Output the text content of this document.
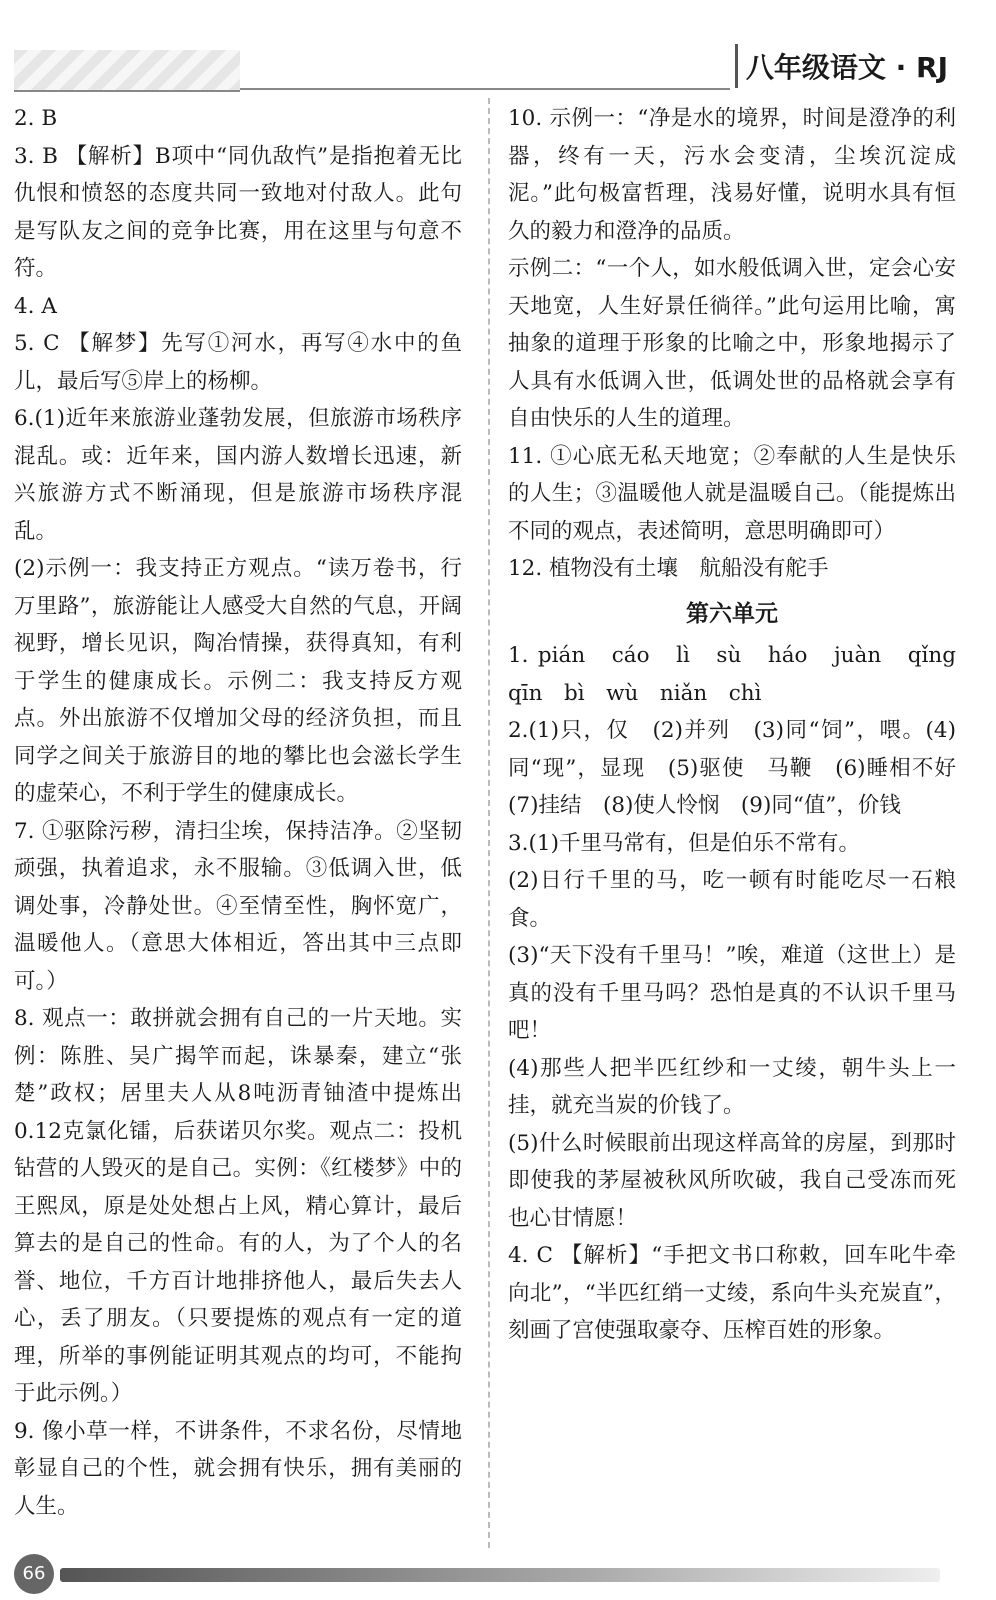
八年级语文 · RJ

2. B

3. B 【解析】B项中“同仇敌忾”是指抱着无比仇恨和愤怒的态度共同一致地对付敌人。此句是写队友之间的竞争比赛，用在这里与句意不符。

4. A

5. C 【解梦】先写①河水，再写④水中的鱼儿，最后写⑤岸上的杨柳。

6.(1)近年来旅游业蓬勃发展，但旅游市场秩序混乱。或：近年来，国内游人数增长迅速，新兴旅游方式不断涌现，但是旅游市场秩序混乱。

(2)示例一：我支持正方观点。“读万卷书，行万里路”，旅游能让人感受大自然的气息，开阔视野，增长见识，陶冶情操，获得真知，有利于学生的健康成长。示例二：我支持反方观点。外出旅游不仅增加父母的经济负担，而且同学之间关于旅游目的地的攀比也会滋长学生的虚荣心，不利于学生的健康成长。

7. ①驱除污秽，清扫尘埃，保持洁净。②坚韧顽强，执着追求，永不服输。③低调入世，低调处事，冷静处世。④至情至性，胸怀宽广，温暖他人。（意思大体相近，答出其中三点即可。）

8. 观点一：敢拼就会拥有自己的一片天地。实例：陈胜、吴广揭竿而起，诛暴秦，建立“张楚”政权；居里夫人从8吨沥青铀渣中提炼出0.12克氯化镭，后获诺贝尔奖。观点二：投机钻营的人毁灭的是自己。实例：《红楼梦》中的王熙凤，原是处处想占上风，精心算计，最后算去的是自己的性命。有的人，为了个人的名誉、地位，千方百计地排挤他人，最后失去人心，丢了朋友。（只要提炼的观点有一定的道理，所举的事例能证明其观点的均可，不能拘于此示例。）

9. 像小草一样，不讲条件，不求名份，尽情地彰显自己的个性，就会拥有快乐，拥有美丽的人生。

10. 示例一：“净是水的境界，时间是澄净的利器，终有一天，污水会变清，尘埃沉淀成泥。”此句极富哲理，浅易好懂，说明水具有恒久的毅力和澄净的品质。

示例二：“一个人，如水般低调入世，定会心安天地宽，人生好景任徜徉。”此句运用比喻，寓抽象的道理于形象的比喻之中，形象地揭示了人具有水低调入世，低调处世的品格就会享有自由快乐的人生的道理。

11. ①心底无私天地宽；②奉献的人生是快乐的人生；③温暖他人就是温暖自己。（能提炼出不同的观点，表述简明，意思明确即可）

12. 植物没有土壤　航船没有舵手

第六单元

1. pián　cáo　lì　sù　háo　juàn　qǐng　qīn　bì　wù　niǎn　chì

2.(1)只，仅　(2)并列　(3)同“饲”，喂。(4)同“现”，显现　(5)驱使　马鞭　(6)睡相不好　(7)挂结　(8)使人怜悯　(9)同“值”，价钱

3.(1)千里马常有，但是伯乐不常有。

(2)日行千里的马，吃一顿有时能吃尽一石粮食。

(3)“天下没有千里马！”唉，难道（这世上）是真的没有千里马吗？恐怕是真的不认识千里马吧！

(4)那些人把半匹红纱和一丈绫，朝牛头上一挂，就充当炭的价钱了。

(5)什么时候眼前出现这样高耸的房屋，到那时即使我的茅屋被秋风所吹破，我自己受冻而死也心甘情愿！

4. C 【解析】“手把文书口称敕，回车叱牛牵向北”，“半匹红绡一丈绫，系向牛头充炭直”，刻画了宫使强取豪夺、压榨百姓的形象。

66
